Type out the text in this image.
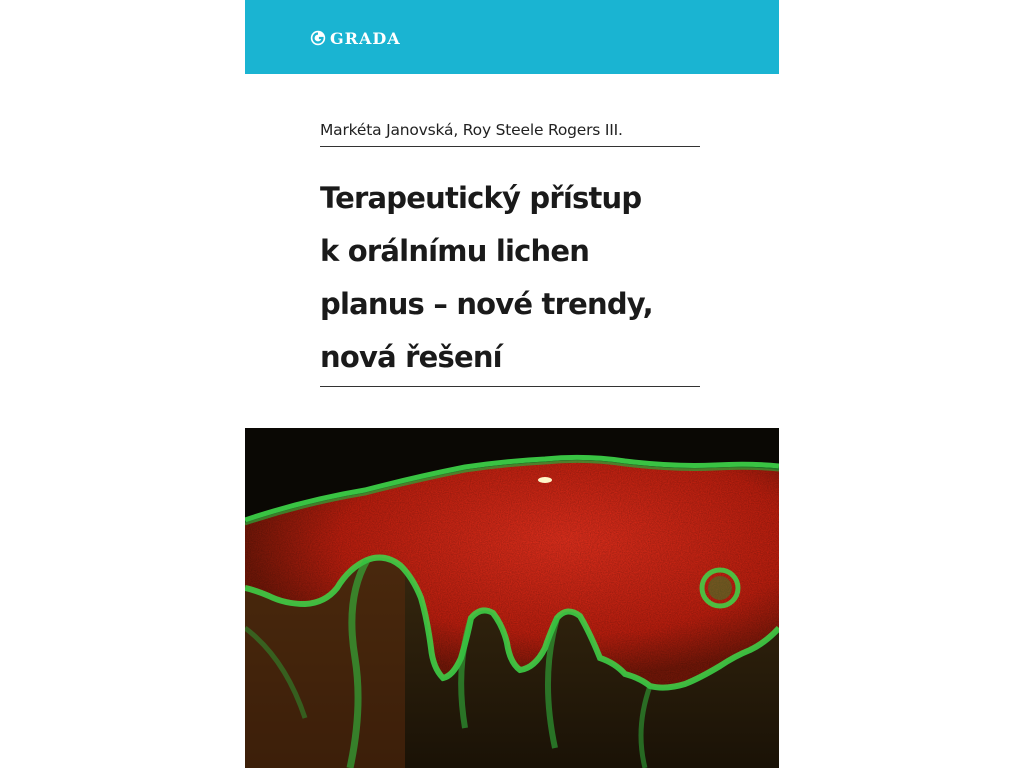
GRADA
Markéta Janovská, Roy Steele Rogers III.
Terapeutický přístup
k orálnímu lichen
planus – nové trendy,
nová řešení
